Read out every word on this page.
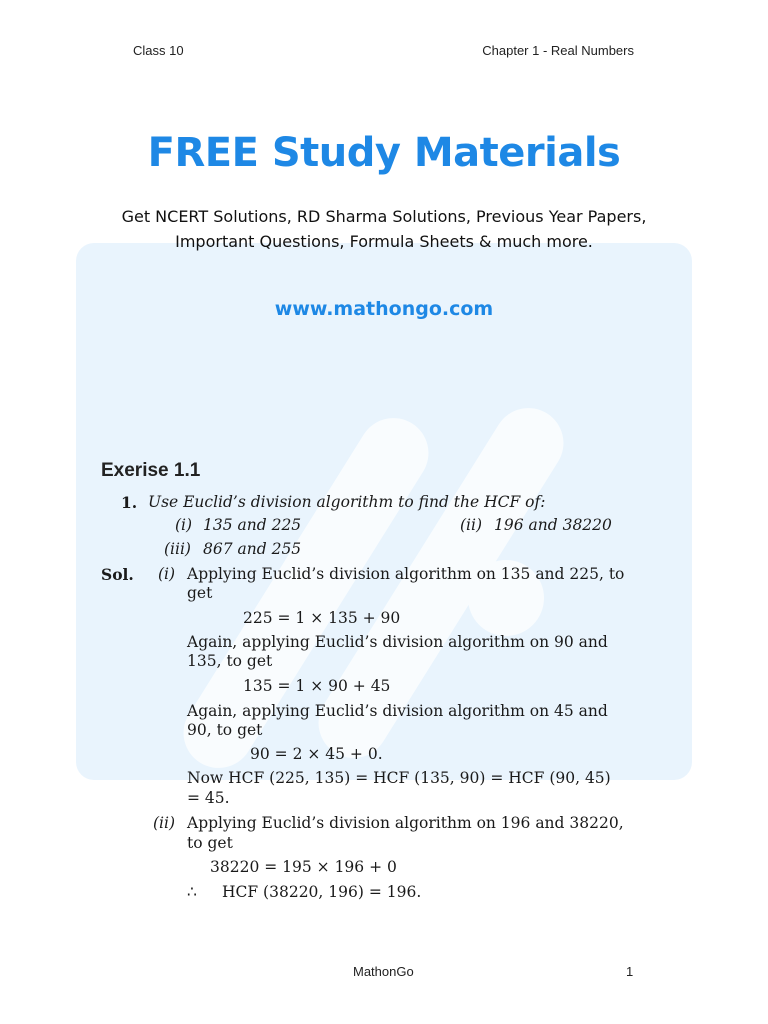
Class 10	Chapter 1 - Real Numbers
FREE Study Materials
Get NCERT Solutions, RD Sharma Solutions, Previous Year Papers,
Important Questions, Formula Sheets & much more.
www.mathongo.com
Exerise 1.1
1. Use Euclid’s division algorithm to find the HCF of:
(i) 135 and 225	(ii) 196 and 38220
(iii) 867 and 255
Sol. (i) Applying Euclid’s division algorithm on 135 and 225, to
get
225 = 1 × 135 + 90
Again, applying Euclid’s division algorithm on 90 and
135, to get
135 = 1 × 90 + 45
Again, applying Euclid’s division algorithm on 45 and
90, to get
90 = 2 × 45 + 0.
Now HCF (225, 135) = HCF (135, 90) = HCF (90, 45)
= 45.
(ii) Applying Euclid’s division algorithm on 196 and 38220,
to get
38220 = 195 × 196 + 0
∴ HCF (38220, 196) = 196.
MathonGo	1
